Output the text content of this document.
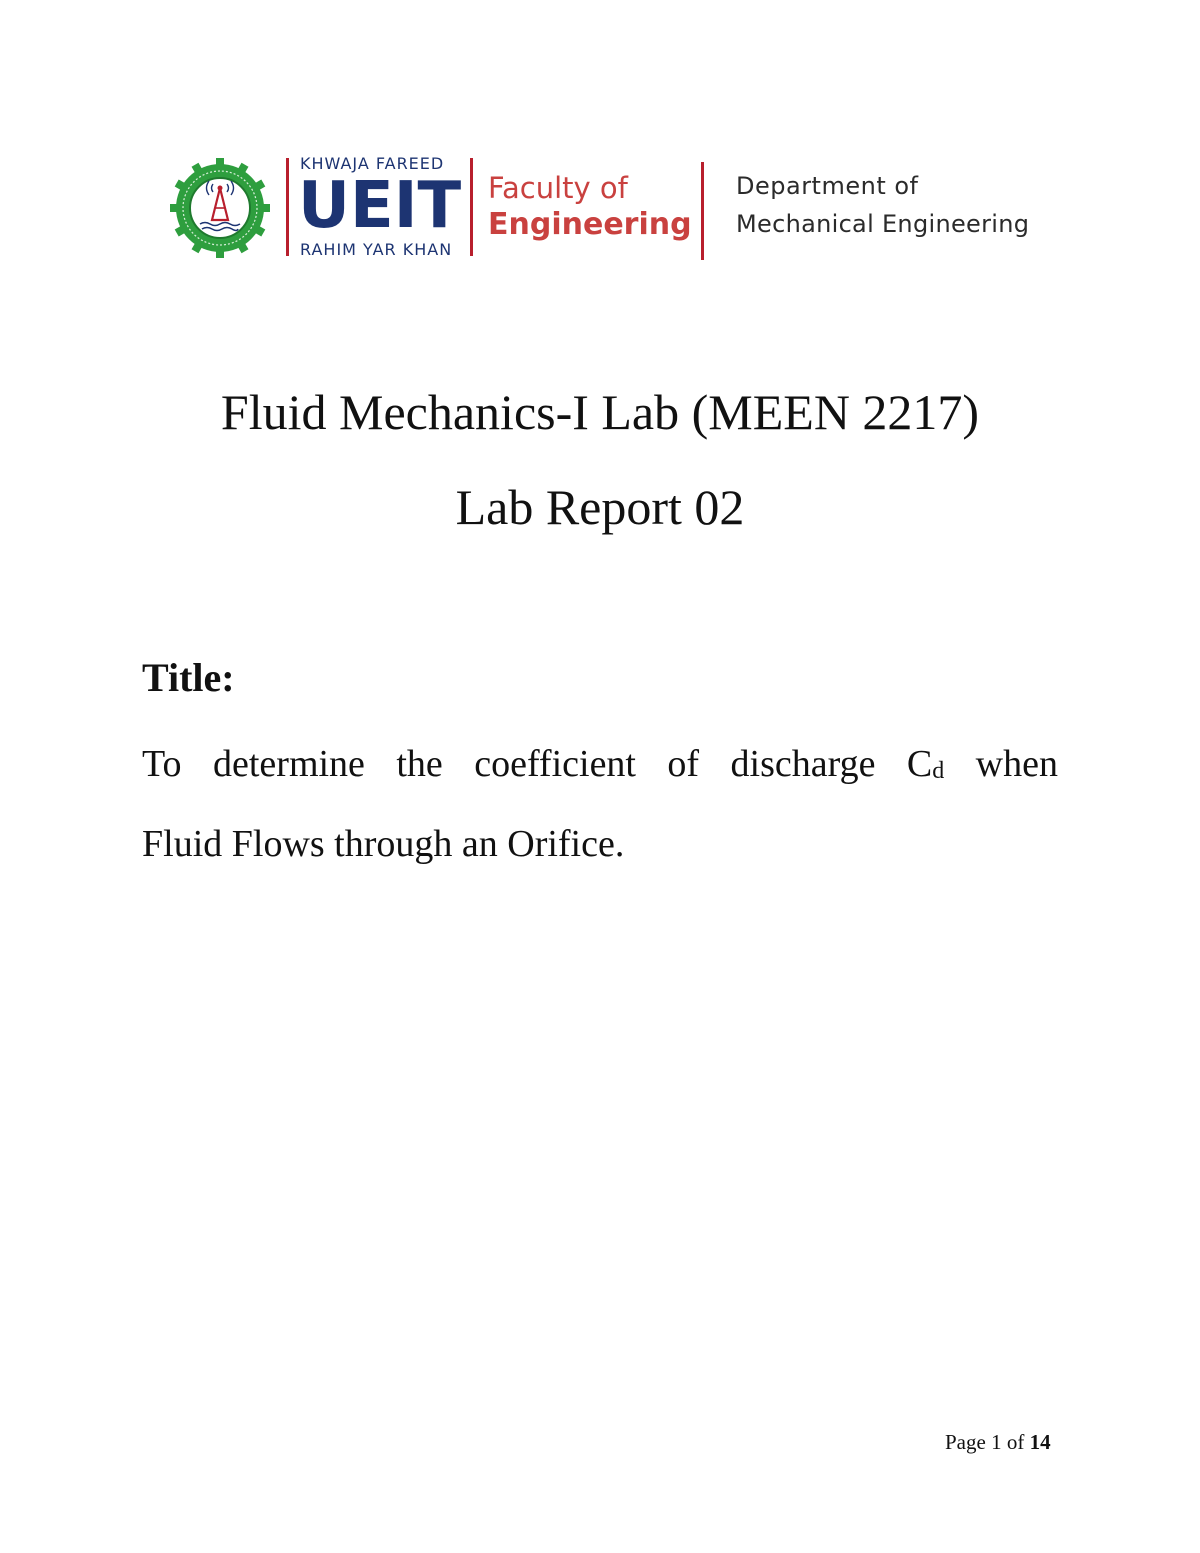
KHWAJA FAREED
UEIT
RAHIM YAR KHAN
Faculty of
Engineering
Department of
Mechanical Engineering
Fluid Mechanics-I Lab (MEEN 2217)
Lab Report 02
Title:
To determine the coefficient of discharge $C_d$ when
Fluid Flows through an Orifice.
Page 1 of 14
